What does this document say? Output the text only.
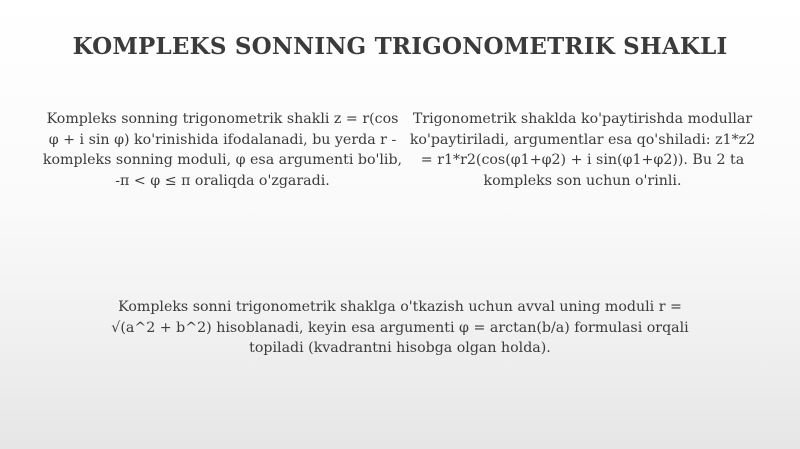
KOMPLEKS SONNING TRIGONOMETRIK SHAKLI

Kompleks sonning trigonometrik shakli z = r(cos φ + i sin φ) ko'rinishida ifodalanadi, bu yerda r - kompleks sonning moduli, φ esa argumenti bo'lib, -π < φ ≤ π oraliqda o'zgaradi.

Trigonometrik shaklda ko'paytirishda modullar ko'paytiriladi, argumentlar esa qo'shiladi: z1*z2 = r1*r2(cos(φ1+φ2) + i sin(φ1+φ2)). Bu 2 ta kompleks son uchun o'rinli.

Kompleks sonni trigonometrik shaklga o'tkazish uchun avval uning moduli r = √(a^2 + b^2) hisoblanadi, keyin esa argumenti φ = arctan(b/a) formulasi orqali topiladi (kvadrantni hisobga olgan holda).
